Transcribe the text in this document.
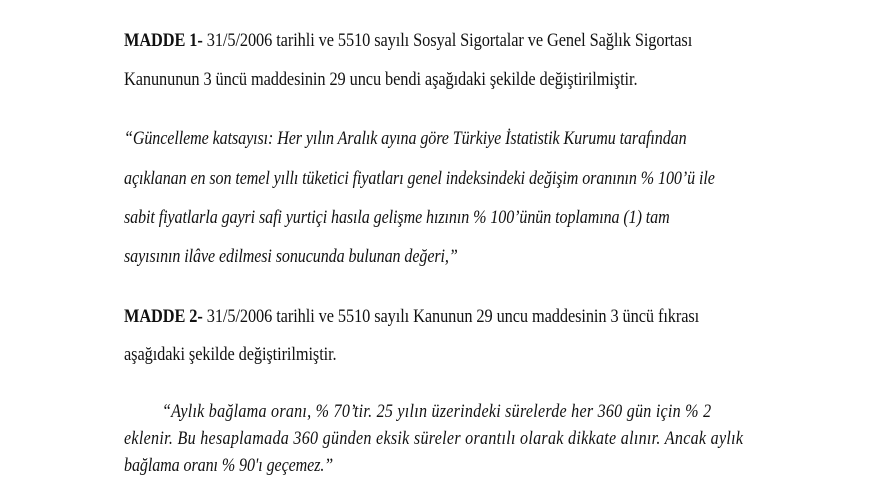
MADDE 1- 31/5/2006 tarihli ve 5510 sayılı Sosyal Sigortalar ve Genel Sağlık Sigortası
Kanununun 3 üncü maddesinin 29 uncu bendi aşağıdaki şekilde değiştirilmiştir.
“Güncelleme katsayısı: Her yılın Aralık ayına göre Türkiye İstatistik Kurumu tarafından
açıklanan en son temel yıllı tüketici fiyatları genel indeksindeki değişim oranının % 100’ü ile
sabit fiyatlarla gayri safi yurtiçi hasıla gelişme hızının % 100’ünün toplamına (1) tam
sayısının ilâve edilmesi sonucunda bulunan değeri,”
MADDE 2- 31/5/2006 tarihli ve 5510 sayılı Kanunun 29 uncu maddesinin 3 üncü fıkrası
aşağıdaki şekilde değiştirilmiştir.
“Aylık bağlama oranı, % 70’tir. 25 yılın üzerindeki sürelerde her 360 gün için % 2
eklenir. Bu hesaplamada 360 günden eksik süreler orantılı olarak dikkate alınır. Ancak aylık
bağlama oranı % 90'ı geçemez.”
